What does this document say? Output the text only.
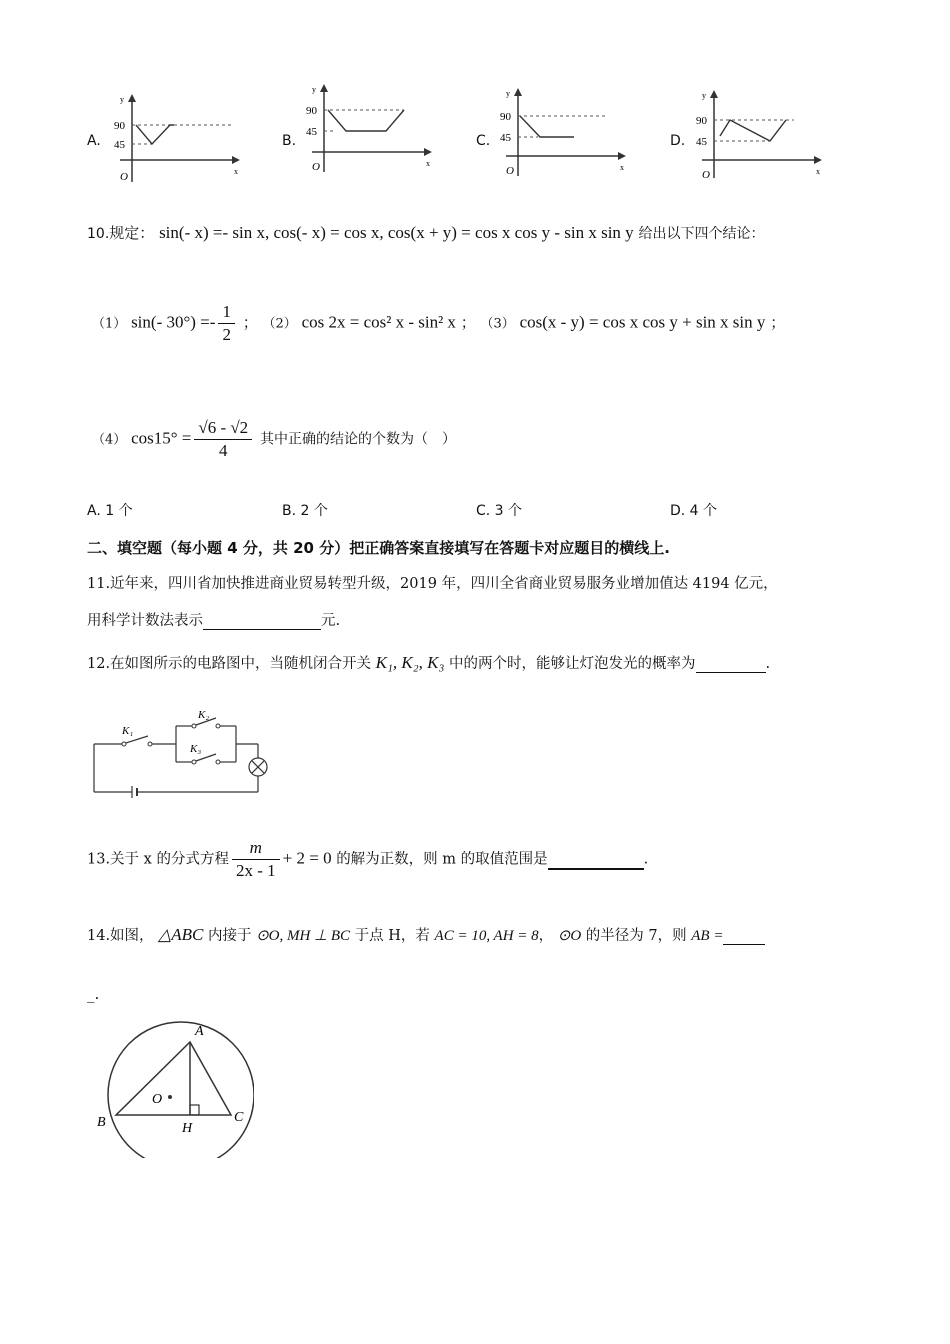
A.
90
45
O
y
x
B.
90
45
O
y
x
C.
90
45
O
y
x
D.
90
45
O
y
x
10.规定： sin(- x) =- sin x, cos(- x) = cos x, cos(x + y) = cos x cos y - sin x sin y 给出以下四个结论：
（1） sin(- $30^\circ) =- \frac{1}{2}$ ； （2） cos 2x = cos² x - sin² x ； （3） cos(x - y) = cos x cos y + sin x sin y ；
（4） $\cos 15^\circ = \frac{√6 - √2}{4}$ 其中正确的结论的个数为（　）
A. 1 个	B. 2 个	C. 3 个	D. 4 个
二、填空题（每小题 4 分，共 20 分）把正确答案直接填写在答题卡对应题目的横线上.
11.近年来，四川省加快推进商业贸易转型升级，2019 年，四川全省商业贸易服务业增加值达 4194 亿元，
用科学计数法表示	元.
12.在如图所示的电路图中，当随机闭合开关 K₁, K₂, K₃ 中的两个时，能够让灯泡发光的概率为	.
K₁
K₂
K₃
13.关于 x 的分式方程 $\frac{m}{2x - 1} + 2 = 0$ 的解为正数，则 m 的取值范围是	.
14.如图， △ABC 内接于 ⊙O, MH ⊥ BC 于点 H，若 AC = 10, AH = 8， ⊙O 的半径为 7，则 AB =
_.
A
B	C
H
O
